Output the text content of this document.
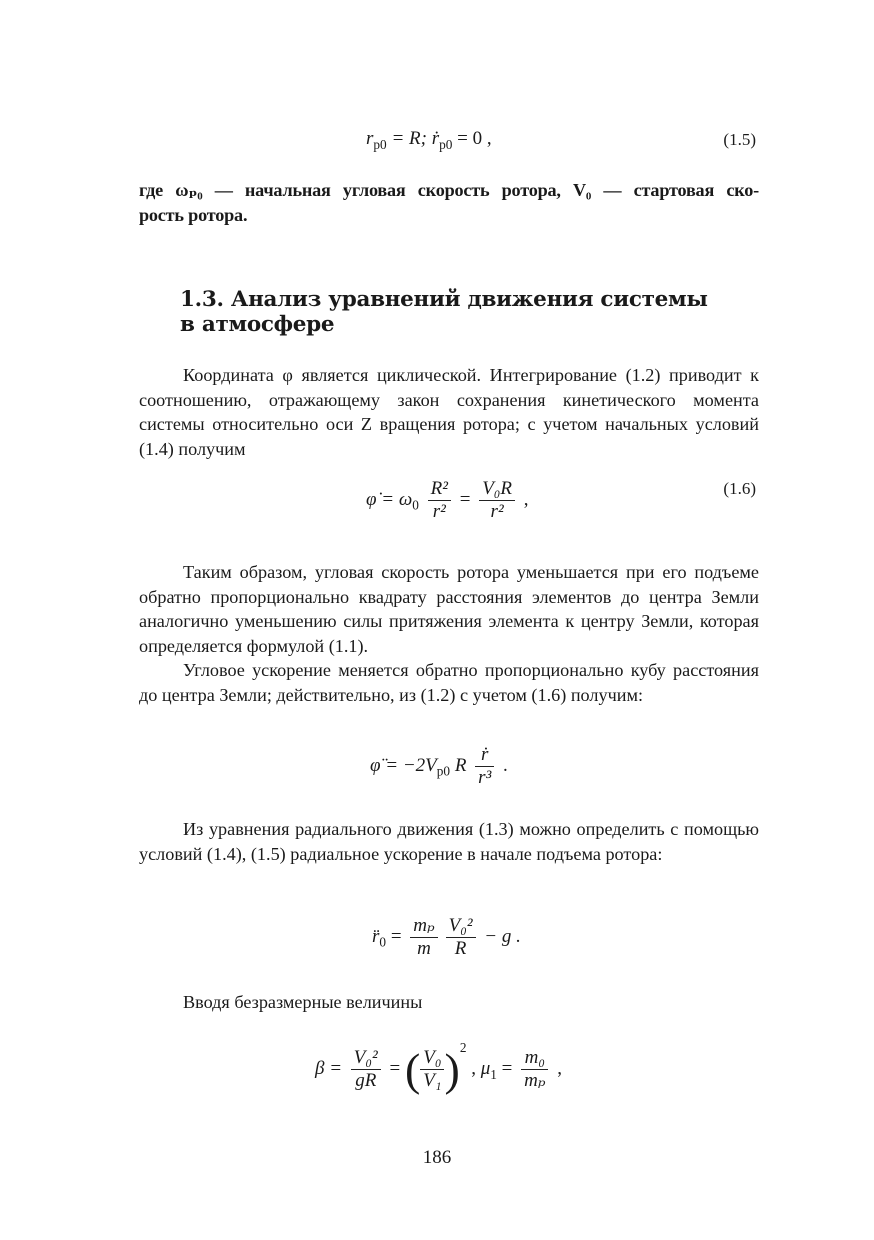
$r_{p0} = R$; ṙ$_{p0}$ = 0 ,	(1.5)
где ωₚ₀ — начальная угловая скорость ротора, V₀ — стартовая ско-
рость ротора.
1.3. Анализ уравнений движения системы
в атмосфере
Координата φ является циклической. Интегрирование (1.2) приводит к соотношению, отражающему закон сохранения кинетического момента системы относительно оси Z вращения ротора; с учетом начальных условий (1.4) получим
φ̇ = $\omega_0 \frac{\text{R²}}{\text{r²}} = \frac{\text{V₀R}}{\text{r²}}$ ,
(1.6)
Таким образом, угловая скорость ротора уменьшается при его подъеме обратно пропорционально квадрату расстояния элементов до центра Земли аналогично уменьшению силы притяжения элемента к центру Земли, которая определяется формулой (1.1).
Угловое ускорение меняется обратно пропорционально кубу расстояния до центра Земли; действительно, из (1.2) с учетом (1.6) получим:
φ̈ = $-2V_{p0}$ R $\frac{\text{ṙ}}{\text{r³}}$ .
Из уравнения радиального движения (1.3) можно определить с помощью условий (1.4), (1.5) радиальное ускорение в начале подъема ротора:
$r̈_0 = \frac{\text{mₚ}}{m} \frac{\text{V₀²}}{R} - g$ .
Вводя безразмерные величины
$\beta = \frac{\text{V₀²}}{gR}$ = ( $\frac{\text{V₀}}{\text{V₁}} )^2$ , $\mu_1 = \frac{\text{m₀}}{\text{mₚ}}$ ,
186
